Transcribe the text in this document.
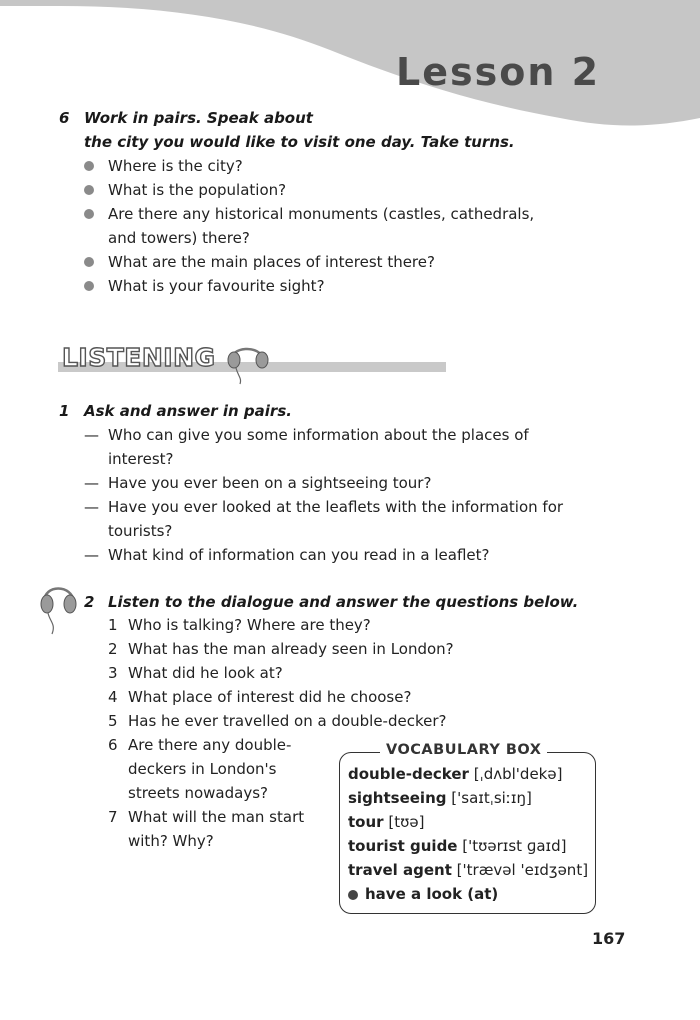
Lesson 2
6 Work in pairs. Speak about
the city you would like to visit one day. Take turns.
Where is the city?
What is the population?
Are there any historical monuments (castles, cathedrals,
and towers) there?
What are the main places of interest there?
What is your favourite sight?
LISTENING
1 Ask and answer in pairs.
— Who can give you some information about the places of
interest?
— Have you ever been on a sightseeing tour?
— Have you ever looked at the leaflets with the information for
tourists?
— What kind of information can you read in a leaflet?
2 Listen to the dialogue and answer the questions below.
1 Who is talking? Where are they?
2 What has the man already seen in London?
3 What did he look at?
4 What place of interest did he choose?
5 Has he ever travelled on a double-decker?
6 Are there any double-
deckers in London's
streets nowadays?
7 What will the man start
with? Why?
VOCABULARY BOX
double-decker [ˌdʌbl'dekə]
sightseeing ['saɪtˌsiːɪŋ]
tour [tʊə]
tourist guide ['tʊərɪst ɡaɪd]
travel agent ['trævəl 'eɪdʒənt]
have a look (at)
167
